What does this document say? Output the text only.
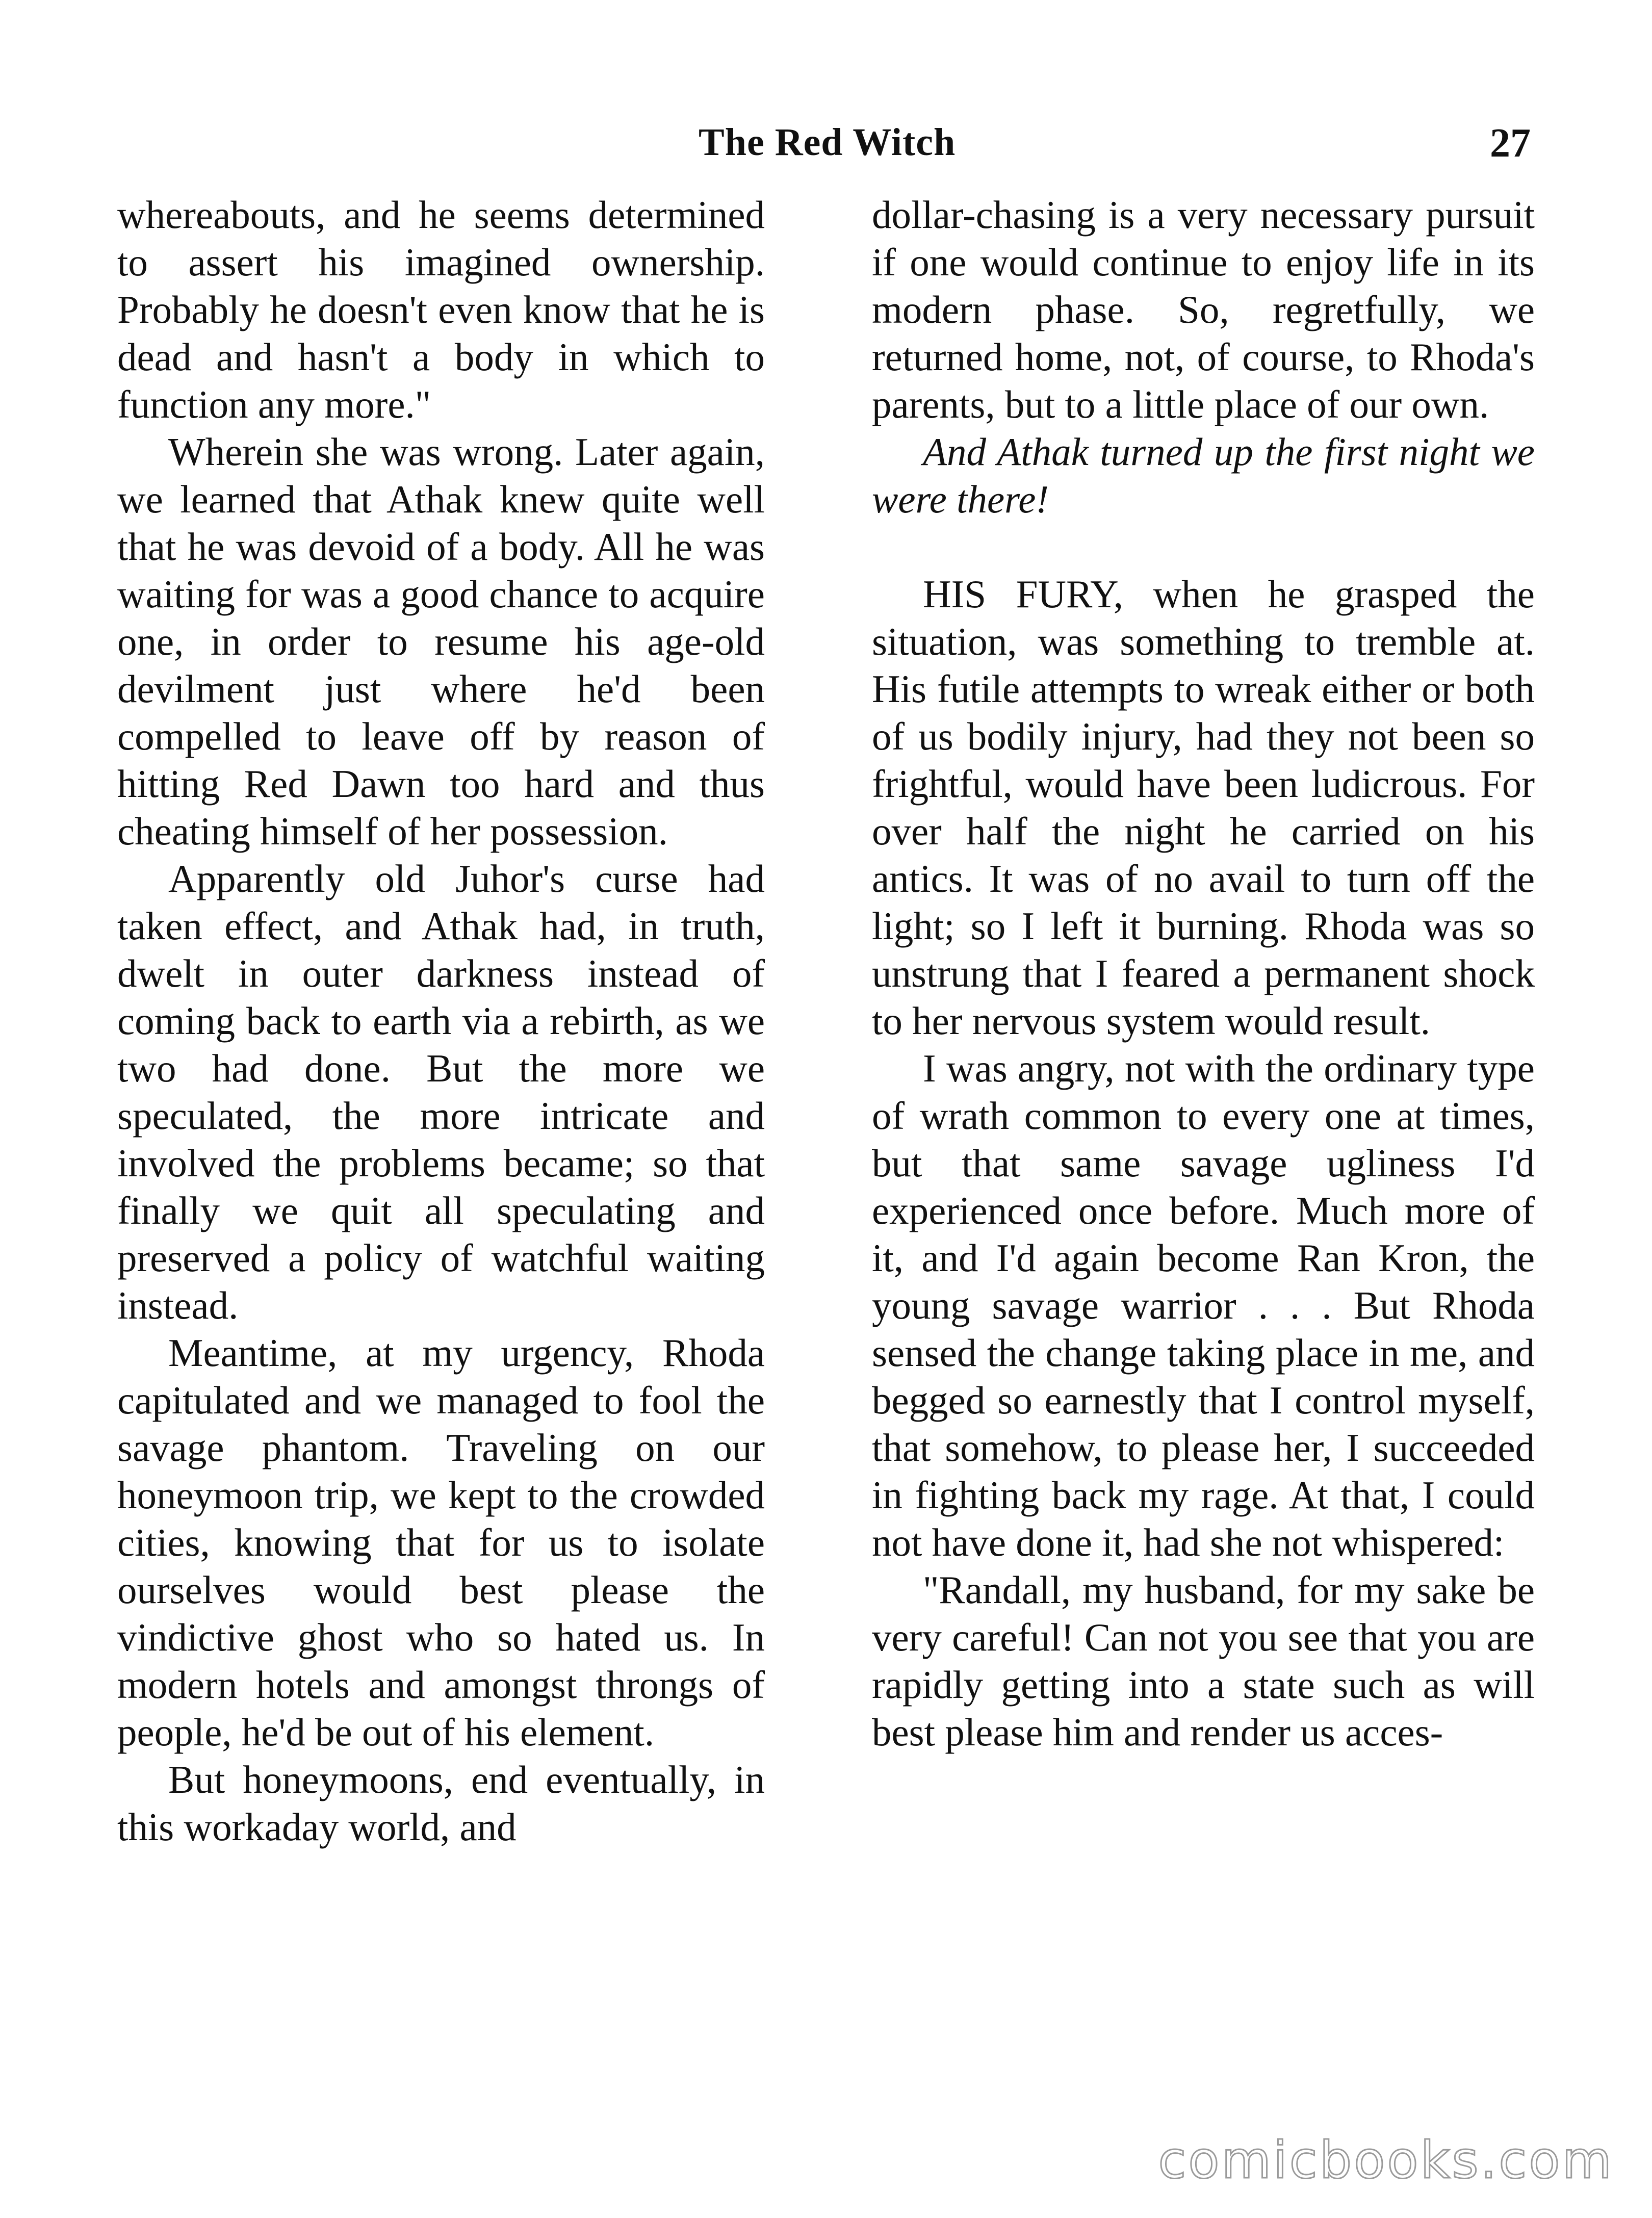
The Red Witch	27

whereabouts, and he seems determined to assert his imagined ownership. Probably he doesn't even know that he is dead and hasn't a body in which to function any more."

Wherein she was wrong. Later again, we learned that Athak knew quite well that he was devoid of a body. All he was waiting for was a good chance to acquire one, in order to resume his age-old devilment just where he'd been compelled to leave off by reason of hitting Red Dawn too hard and thus cheating himself of her possession.

Apparently old Juhor's curse had taken effect, and Athak had, in truth, dwelt in outer darkness instead of coming back to earth via a rebirth, as we two had done. But the more we speculated, the more intricate and involved the problems became; so that finally we quit all speculating and preserved a policy of watchful waiting instead.

Meantime, at my urgency, Rhoda capitulated and we managed to fool the savage phantom. Traveling on our honeymoon trip, we kept to the crowded cities, knowing that for us to isolate ourselves would best please the vindictive ghost who so hated us. In modern hotels and amongst throngs of people, he'd be out of his element.

But honeymoons, end eventually, in this workaday world, and

dollar-chasing is a very necessary pursuit if one would continue to enjoy life in its modern phase. So, regretfully, we returned home, not, of course, to Rhoda's parents, but to a little place of our own.

And Athak turned up the first night we were there!

HIS FURY, when he grasped the situation, was something to tremble at. His futile attempts to wreak either or both of us bodily injury, had they not been so frightful, would have been ludicrous. For over half the night he carried on his antics. It was of no avail to turn off the light; so I left it burning. Rhoda was so unstrung that I feared a permanent shock to her nervous system would result.

I was angry, not with the ordinary type of wrath common to every one at times, but that same savage ugliness I'd experienced once before. Much more of it, and I'd again become Ran Kron, the young savage warrior . . . But Rhoda sensed the change taking place in me, and begged so earnestly that I control myself, that somehow, to please her, I succeeded in fighting back my rage. At that, I could not have done it, had she not whispered:

"Randall, my husband, for my sake be very careful! Can not you see that you are rapidly getting into a state such as will best please him and render us acces-

comicbooks.com
